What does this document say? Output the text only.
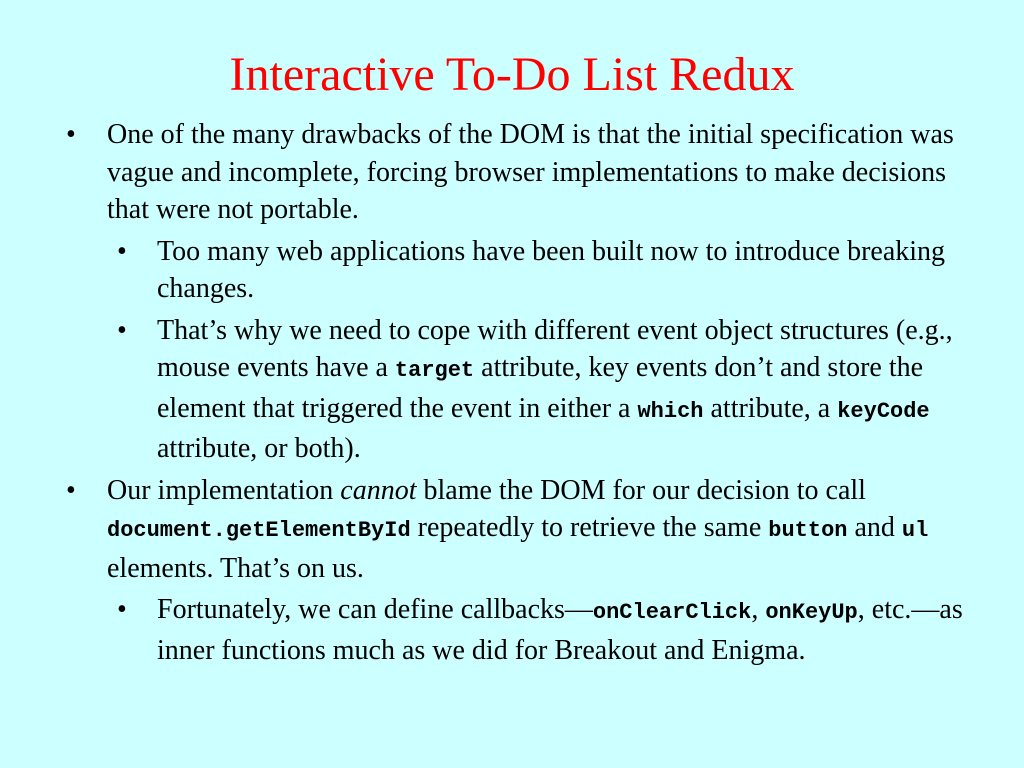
Interactive To-Do List Redux
• One of the many drawbacks of the DOM is that the initial specification was vague and incomplete, forcing browser implementations to make decisions that were not portable.
• Too many web applications have been built now to introduce breaking changes.
• That’s why we need to cope with different event object structures (e.g., mouse events have a target attribute, key events don’t and store the element that triggered the event in either a which attribute, a keyCode attribute, or both).
• Our implementation cannot blame the DOM for our decision to call document.getElementById repeatedly to retrieve the same button and ul elements. That’s on us.
• Fortunately, we can define callbacks—onClearClick, onKeyUp, etc.—as inner functions much as we did for Breakout and Enigma.
